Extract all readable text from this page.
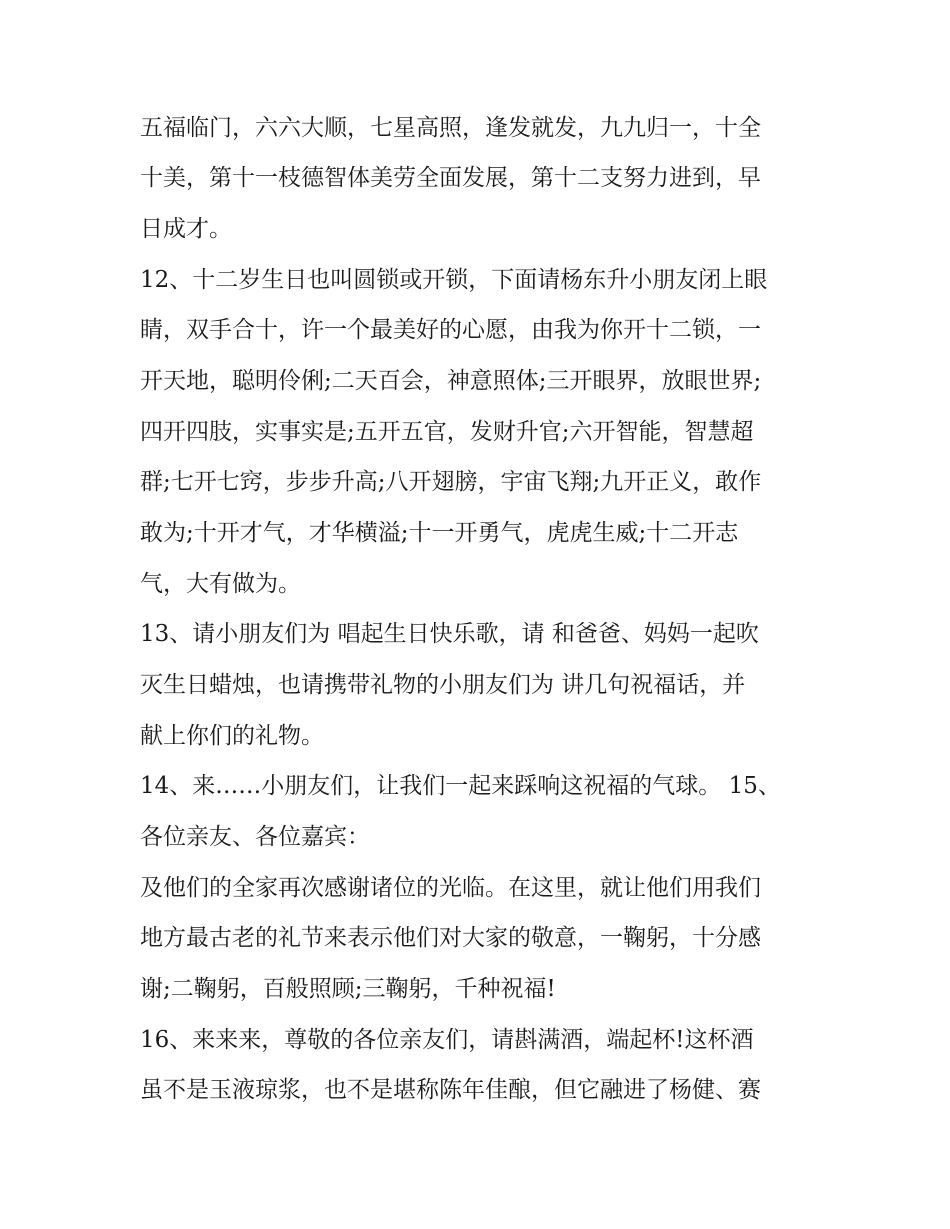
五福临门，六六大顺，七星高照，逢发就发，九九归一，十全
十美，第十一枝德智体美劳全面发展，第十二支努力进到，早
日成才。
12、十二岁生日也叫圆锁或开锁，下面请杨东升小朋友闭上眼
睛，双手合十，许一个最美好的心愿，由我为你开十二锁，一
开天地，聪明伶俐;二天百会，神意照体;三开眼界，放眼世界;
四开四肢，实事实是;五开五官，发财升官;六开智能，智慧超
群;七开七窍，步步升高;八开翅膀，宇宙飞翔;九开正义，敢作
敢为;十开才气，才华横溢;十一开勇气，虎虎生威;十二开志
气，大有做为。
13、请小朋友们为 唱起生日快乐歌，请 和爸爸、妈妈一起吹
灭生日蜡烛，也请携带礼物的小朋友们为 讲几句祝福话，并
献上你们的礼物。
14、来……小朋友们，让我们一起来踩响这祝福的气球。 15、
各位亲友、各位嘉宾：
及他们的全家再次感谢诸位的光临。在这里，就让他们用我们
地方最古老的礼节来表示他们对大家的敬意，一鞠躬，十分感
谢;二鞠躬，百般照顾;三鞠躬，千种祝福!
16、来来来，尊敬的各位亲友们，请斟满酒，端起杯!这杯酒
虽不是玉液琼浆，也不是堪称陈年佳酿，但它融进了杨健、赛
